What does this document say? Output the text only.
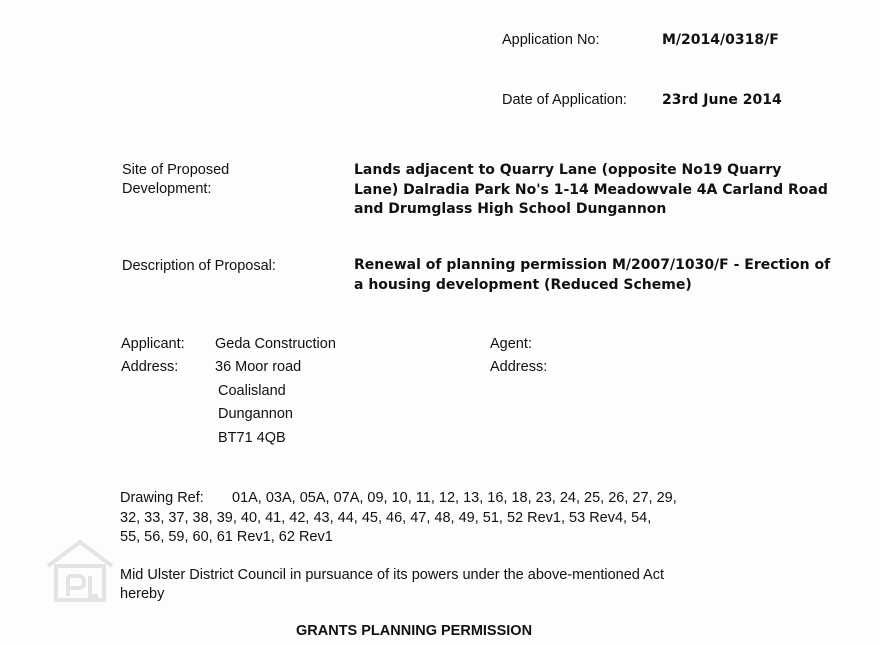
Application No:	M/2014/0318/F
Date of Application:	23rd June 2014
Site of Proposed
Development:
Lands adjacent to Quarry Lane (opposite No19 Quarry
Lane) Dalradia Park No's 1-14 Meadowvale 4A Carland Road
and Drumglass High School Dungannon
Description of Proposal:	Renewal of planning permission M/2007/1030/F - Erection of
a housing development (Reduced Scheme)
Applicant: Geda Construction
Address:	36 Moor road
Coalisland
Dungannon
BT71 4QB
Agent:
Address:
Drawing Ref: 01A, 03A, 05A, 07A, 09, 10, 11, 12, 13, 16, 18, 23, 24, 25, 26, 27, 29,
32, 33, 37, 38, 39, 40, 41, 42, 43, 44, 45, 46, 47, 48, 49, 51, 52 Rev1, 53 Rev4, 54,
55, 56, 59, 60, 61 Rev1, 62 Rev1
Mid Ulster District Council in pursuance of its powers under the above-mentioned Act
hereby
GRANTS PLANNING PERMISSION
